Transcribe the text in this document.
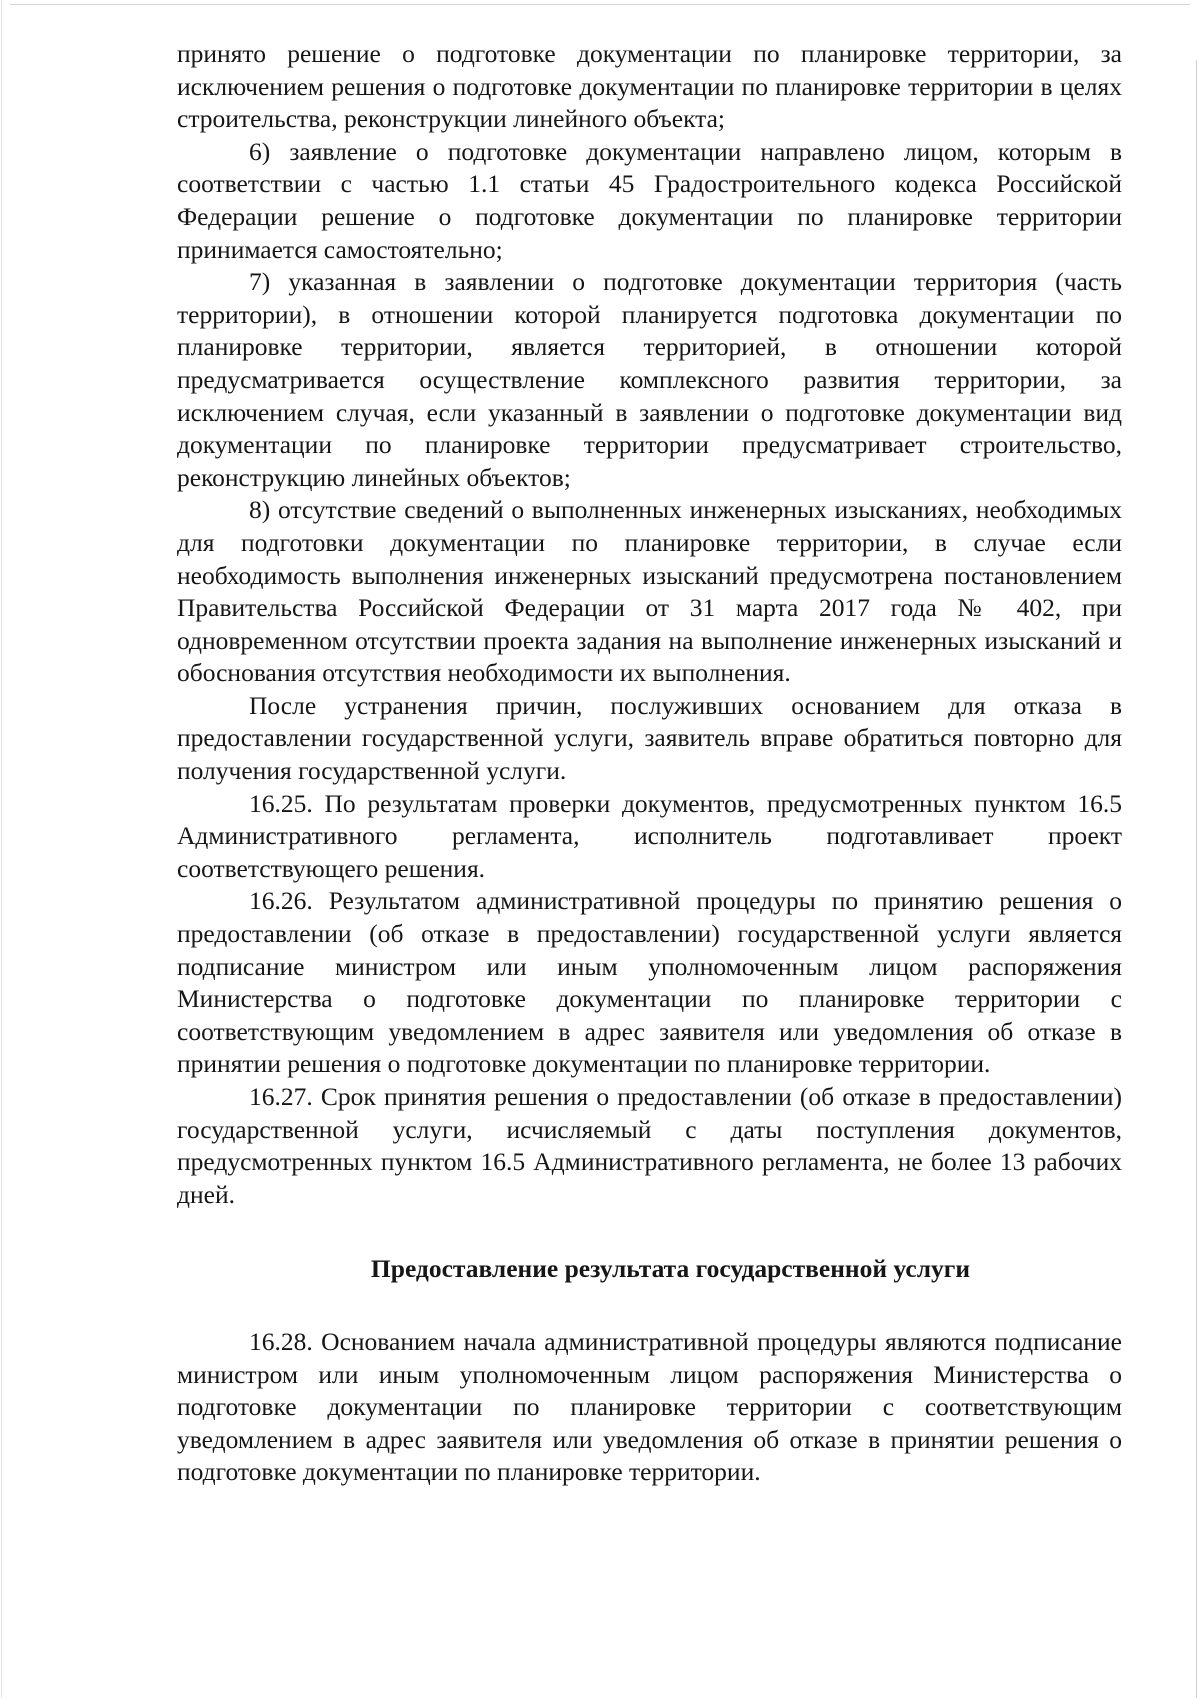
принято решение о подготовке документации по планировке территории, за исключением решения о подготовке документации по планировке территории в целях строительства, реконструкции линейного объекта;

6) заявление о подготовке документации направлено лицом, которым в соответствии с частью 1.1 статьи 45 Градостроительного кодекса Российской Федерации решение о подготовке документации по планировке территории принимается самостоятельно;

7) указанная в заявлении о подготовке документации территория (часть территории), в отношении которой планируется подготовка документации по планировке территории, является территорией, в отношении которой предусматривается осуществление комплексного развития территории, за исключением случая, если указанный в заявлении о подготовке документации вид документации по планировке территории предусматривает строительство, реконструкцию линейных объектов;

8) отсутствие сведений о выполненных инженерных изысканиях, необходимых для подготовки документации по планировке территории, в случае если необходимость выполнения инженерных изысканий предусмотрена постановлением Правительства Российской Федерации от 31 марта 2017 года № 402, при одновременном отсутствии проекта задания на выполнение инженерных изысканий и обоснования отсутствия необходимости их выполнения.

После устранения причин, послуживших основанием для отказа в предоставлении государственной услуги, заявитель вправе обратиться повторно для получения государственной услуги.

16.25. По результатам проверки документов, предусмотренных пунктом 16.5 Административного регламента, исполнитель подготавливает проект соответствующего решения.

16.26. Результатом административной процедуры по принятию решения о предоставлении (об отказе в предоставлении) государственной услуги является подписание министром или иным уполномоченным лицом распоряжения Министерства о подготовке документации по планировке территории с соответствующим уведомлением в адрес заявителя или уведомления об отказе в принятии решения о подготовке документации по планировке территории.

16.27. Срок принятия решения о предоставлении (об отказе в предоставлении) государственной услуги, исчисляемый с даты поступления документов, предусмотренных пунктом 16.5 Административного регламента, не более 13 рабочих дней.

Предоставление результата государственной услуги

16.28. Основанием начала административной процедуры являются подписание министром или иным уполномоченным лицом распоряжения Министерства о подготовке документации по планировке территории с соответствующим уведомлением в адрес заявителя или уведомления об отказе в принятии решения о подготовке документации по планировке территории.
